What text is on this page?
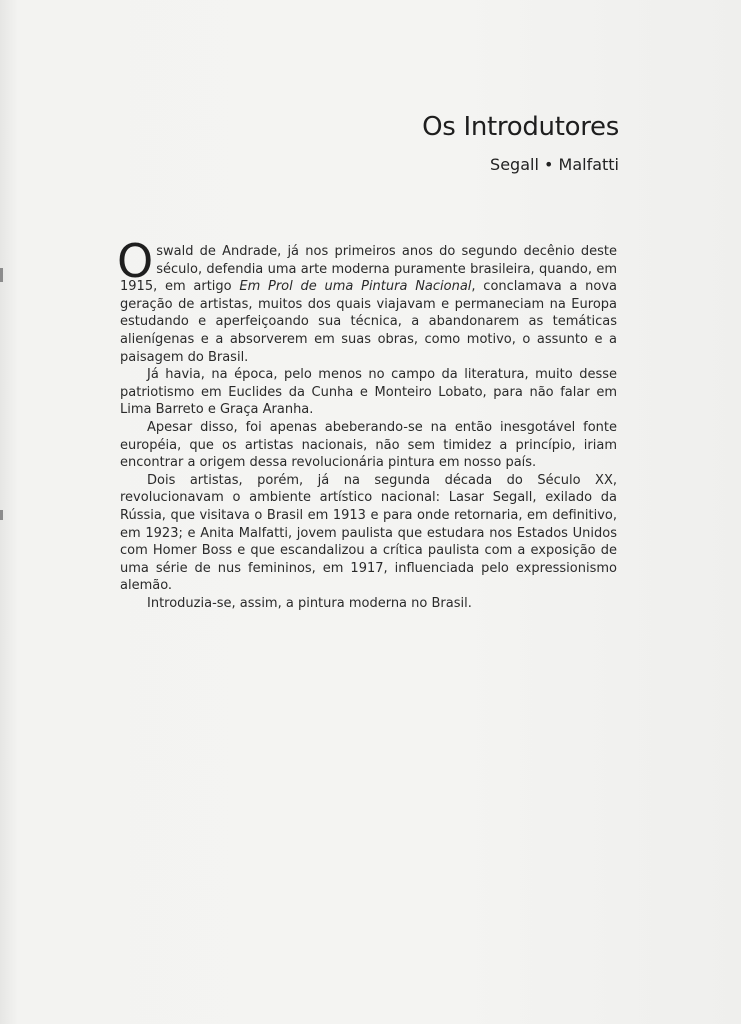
Os Introdutores
Segall • Malfatti

Oswald de Andrade, já nos primeiros anos do segundo decênio deste século, defendia uma arte moderna puramente brasileira, quando, em 1915, em artigo Em Prol de uma Pintura Nacional, conclamava a nova geração de artistas, muitos dos quais viajavam e permaneciam na Europa estudando e aperfeiçoando sua técnica, a abandonarem as temáticas alienígenas e a absorverem em suas obras, como motivo, o assunto e a paisagem do Brasil.

Já havia, na época, pelo menos no campo da literatura, muito desse patriotismo em Euclides da Cunha e Monteiro Lobato, para não falar em Lima Barreto e Graça Aranha.

Apesar disso, foi apenas abeberando-se na então inesgotável fonte européia, que os artistas nacionais, não sem timidez a princípio, iriam encontrar a origem dessa revolucionária pintura em nosso país.

Dois artistas, porém, já na segunda década do Século XX, revolucionavam o ambiente artístico nacional: Lasar Segall, exilado da Rússia, que visitava o Brasil em 1913 e para onde retornaria, em definitivo, em 1923; e Anita Malfatti, jovem paulista que estudara nos Estados Unidos com Homer Boss e que escandalizou a crítica paulista com a exposição de uma série de nus femininos, em 1917, influenciada pelo expressionismo alemão.

Introduzia-se, assim, a pintura moderna no Brasil.
